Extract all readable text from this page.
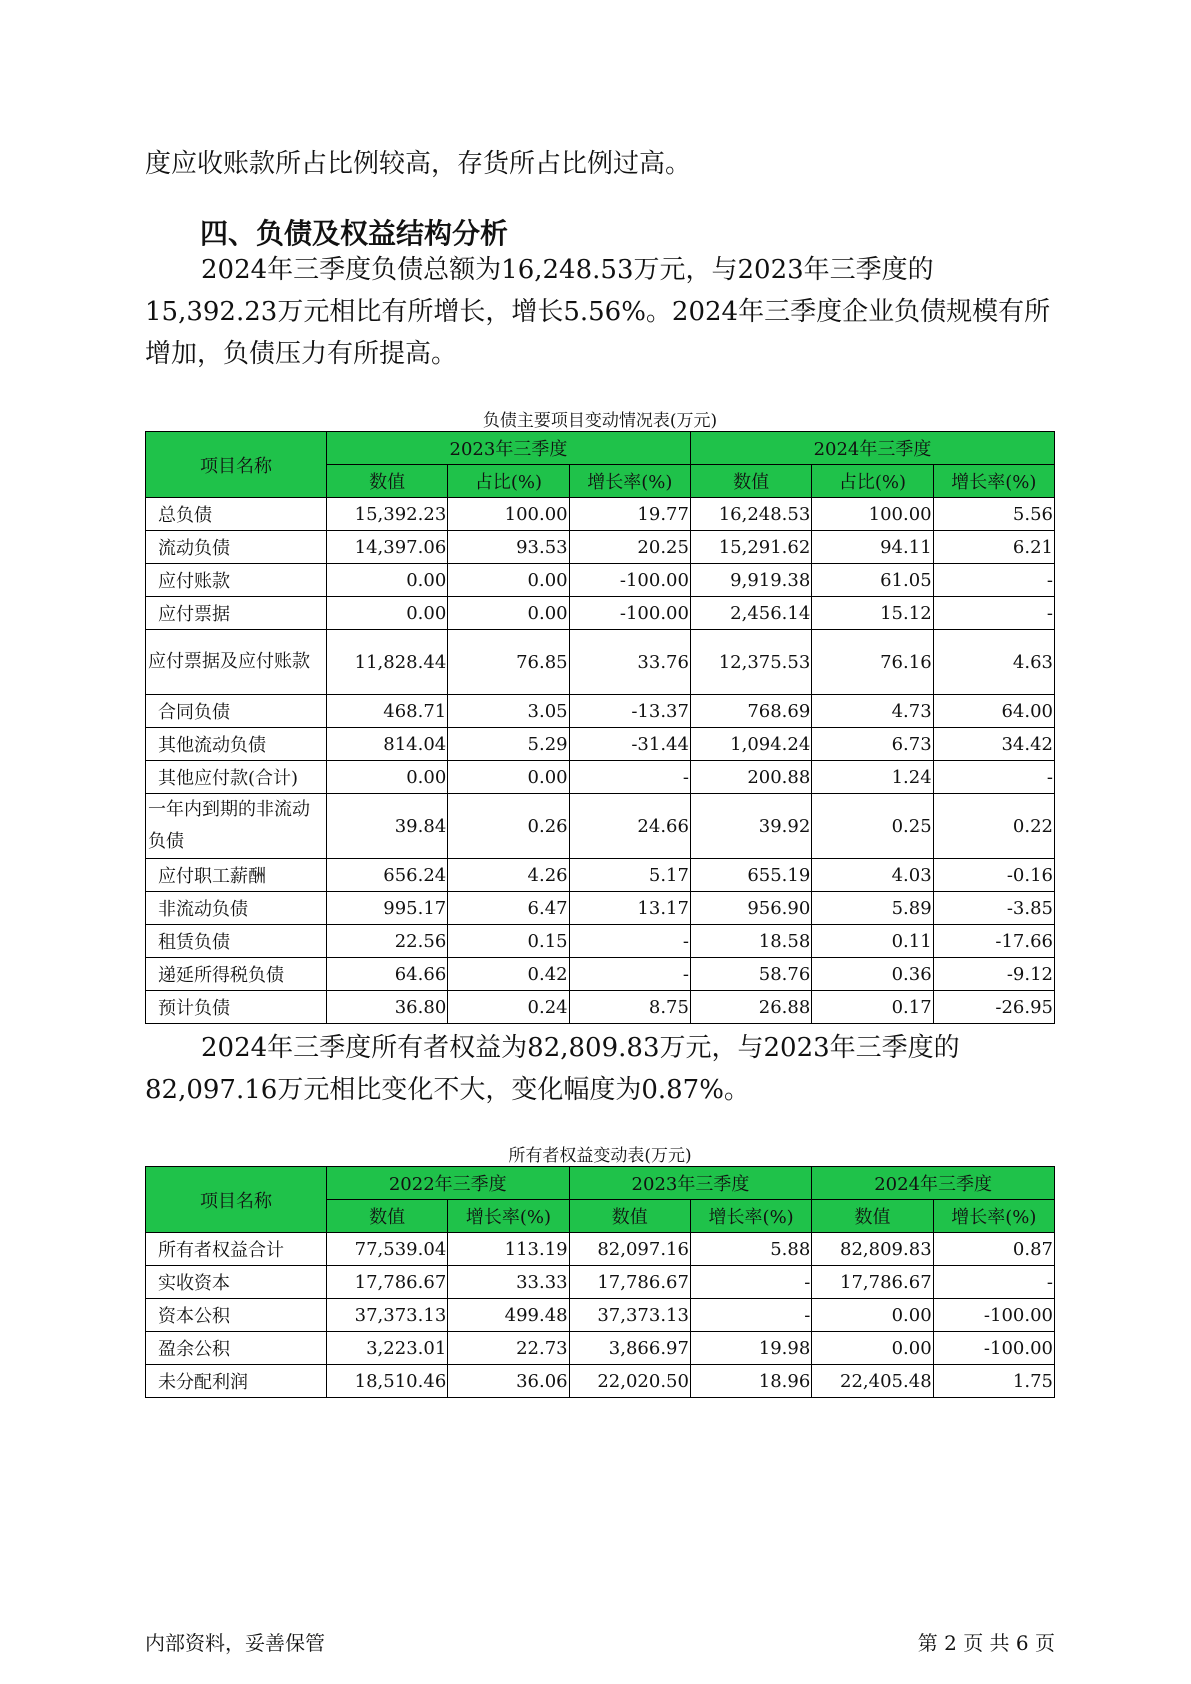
度应收账款所占比例较高，存货所占比例过高。

四、负债及权益结构分析

2024年三季度负债总额为16,248.53万元，与2023年三季度的15,392.23万元相比有所增长，增长5.56%。2024年三季度企业负债规模有所增加，负债压力有所提高。

负债主要项目变动情况表(万元)
项目名称	2023年三季度			2024年三季度		
	数值	占比(%)	增长率(%)	数值	占比(%)	增长率(%)
总负债	15,392.23	100.00	19.77	16,248.53	100.00	5.56
流动负债	14,397.06	93.53	20.25	15,291.62	94.11	6.21
应付账款	0.00	0.00	-100.00	9,919.38	61.05	-
应付票据	0.00	0.00	-100.00	2,456.14	15.12	-
应付票据及应付账款	11,828.44	76.85	33.76	12,375.53	76.16	4.63
合同负债	468.71	3.05	-13.37	768.69	4.73	64.00
其他流动负债	814.04	5.29	-31.44	1,094.24	6.73	34.42
其他应付款(合计)	0.00	0.00	-	200.88	1.24	-
一年内到期的非流动负债	39.84	0.26	24.66	39.92	0.25	0.22
应付职工薪酬	656.24	4.26	5.17	655.19	4.03	-0.16
非流动负债	995.17	6.47	13.17	956.90	5.89	-3.85
租赁负债	22.56	0.15	-	18.58	0.11	-17.66
递延所得税负债	64.66	0.42	-	58.76	0.36	-9.12
预计负债	36.80	0.24	8.75	26.88	0.17	-26.95

2024年三季度所有者权益为82,809.83万元，与2023年三季度的82,097.16万元相比变化不大，变化幅度为0.87%。

所有者权益变动表(万元)
项目名称	2022年三季度		2023年三季度		2024年三季度	
	数值	增长率(%)	数值	增长率(%)	数值	增长率(%)
所有者权益合计	77,539.04	113.19	82,097.16	5.88	82,809.83	0.87
实收资本	17,786.67	33.33	17,786.67	-	17,786.67	-
资本公积	37,373.13	499.48	37,373.13	-	0.00	-100.00
盈余公积	3,223.01	22.73	3,866.97	19.98	0.00	-100.00
未分配利润	18,510.46	36.06	22,020.50	18.96	22,405.48	1.75
内部资料，妥善保管	第 2 页 共 6 页
